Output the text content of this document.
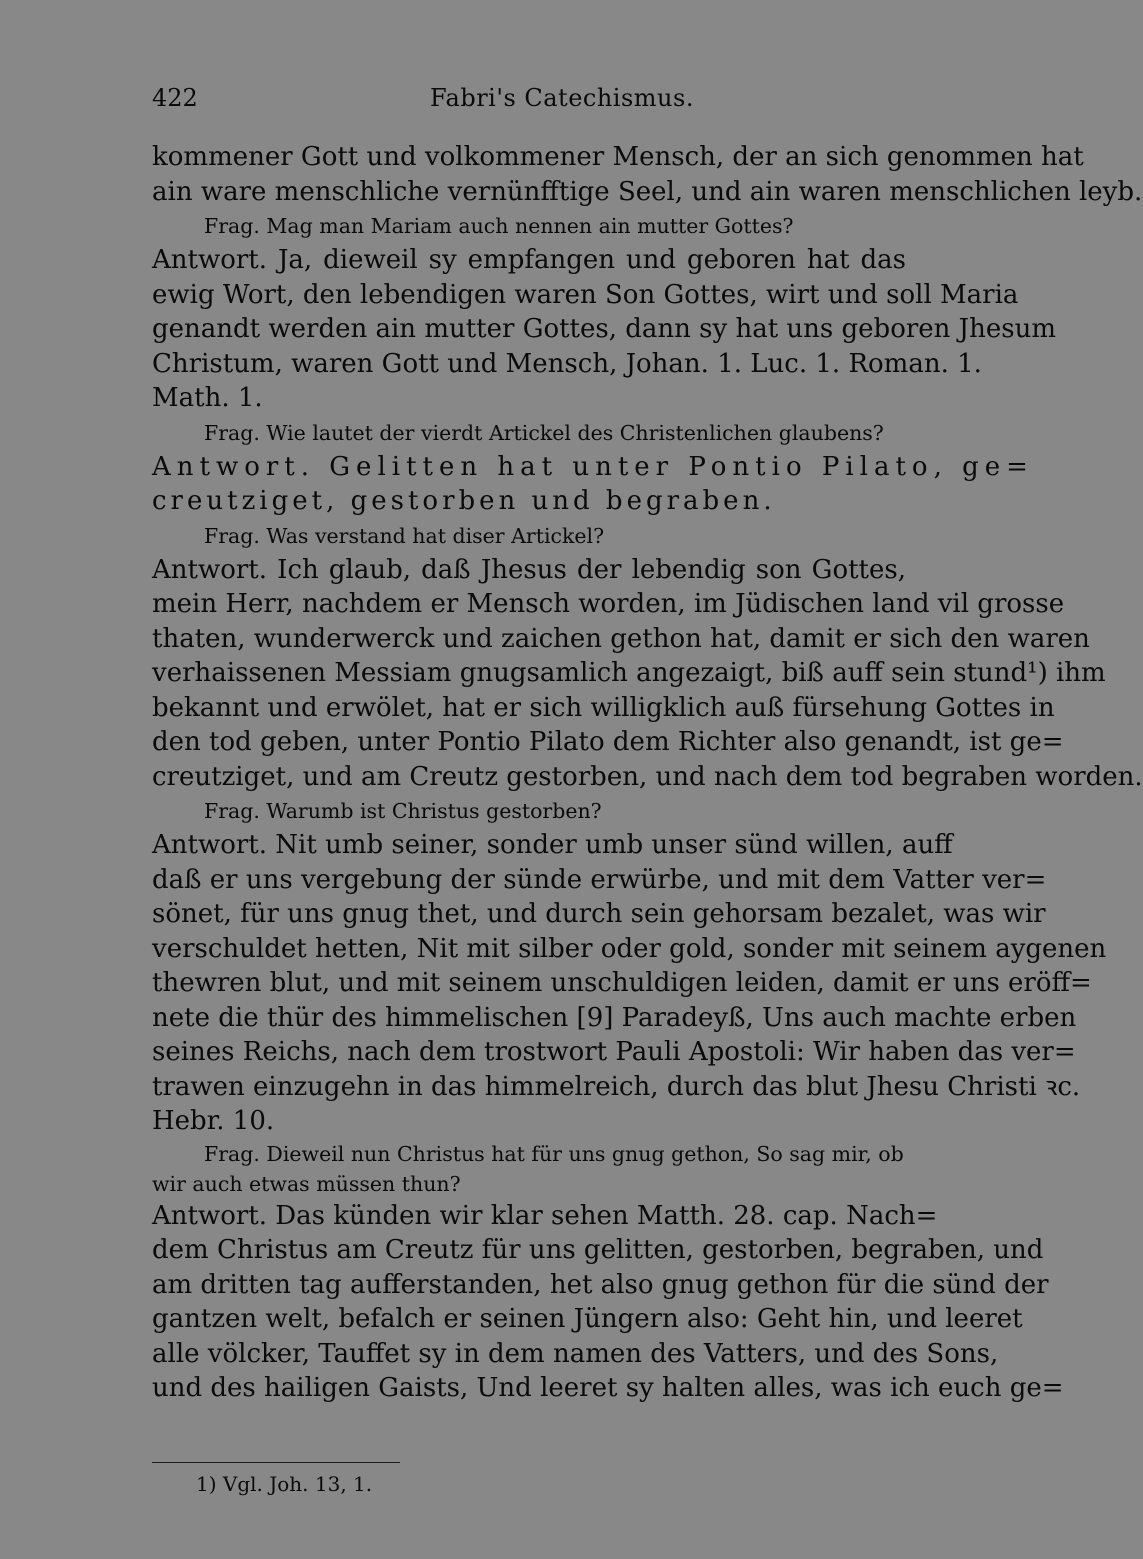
422	Fabri's Catechismus.
kommener Gott und volkommener Mensch, der an sich genommen hat
ain ware menschliche vernünfftige Seel, und ain waren menschlichen leyb.
Frag. Mag man Mariam auch nennen ain mutter Gottes?
Antwort. Ja, dieweil sy empfangen und geboren hat das
ewig Wort, den lebendigen waren Son Gottes, wirt und soll Maria
genandt werden ain mutter Gottes, dann sy hat uns geboren Jhesum
Christum, waren Gott und Mensch, Johan. 1. Luc. 1. Roman. 1.
Math. 1.
Frag. Wie lautet der vierdt Artickel des Christenlichen glaubens?
Antwort. Gelitten hat unter Pontio Pilato, ge=
creutziget, gestorben und begraben.
Frag. Was verstand hat diser Artickel?
Antwort. Ich glaub, daß Jhesus der lebendig son Gottes,
mein Herr, nachdem er Mensch worden, im Jüdischen land vil grosse
thaten, wunderwerck und zaichen gethon hat, damit er sich den waren
verhaissenen Messiam gnugsamlich angezaigt, biß auff sein stund¹) ihm
bekannt und erwölet, hat er sich willigklich auß fürsehung Gottes in
den tod geben, unter Pontio Pilato dem Richter also genandt, ist ge=
creutziget, und am Creutz gestorben, und nach dem tod begraben worden.
Frag. Warumb ist Christus gestorben?
Antwort. Nit umb seiner, sonder umb unser sünd willen, auff
daß er uns vergebung der sünde erwürbe, und mit dem Vatter ver=
sönet, für uns gnug thet, und durch sein gehorsam bezalet, was wir
verschuldet hetten, Nit mit silber oder gold, sonder mit seinem aygenen
thewren blut, und mit seinem unschuldigen leiden, damit er uns eröff=
nete die thür des himmelischen [9] Paradeyß, Uns auch machte erben
seines Reichs, nach dem trostwort Pauli Apostoli: Wir haben das ver=
trawen einzugehn in das himmelreich, durch das blut Jhesu Christi ꝛc.
Hebr. 10.
Frag. Dieweil nun Christus hat für uns gnug gethon, So sag mir, ob
wir auch etwas müssen thun?
Antwort. Das künden wir klar sehen Matth. 28. cap. Nach=
dem Christus am Creutz für uns gelitten, gestorben, begraben, und
am dritten tag aufferstanden, het also gnug gethon für die sünd der
gantzen welt, befalch er seinen Jüngern also: Geht hin, und leeret
alle völcker, Tauffet sy in dem namen des Vatters, und des Sons,
und des hailigen Gaists, Und leeret sy halten alles, was ich euch ge=
1) Vgl. Joh. 13, 1.
